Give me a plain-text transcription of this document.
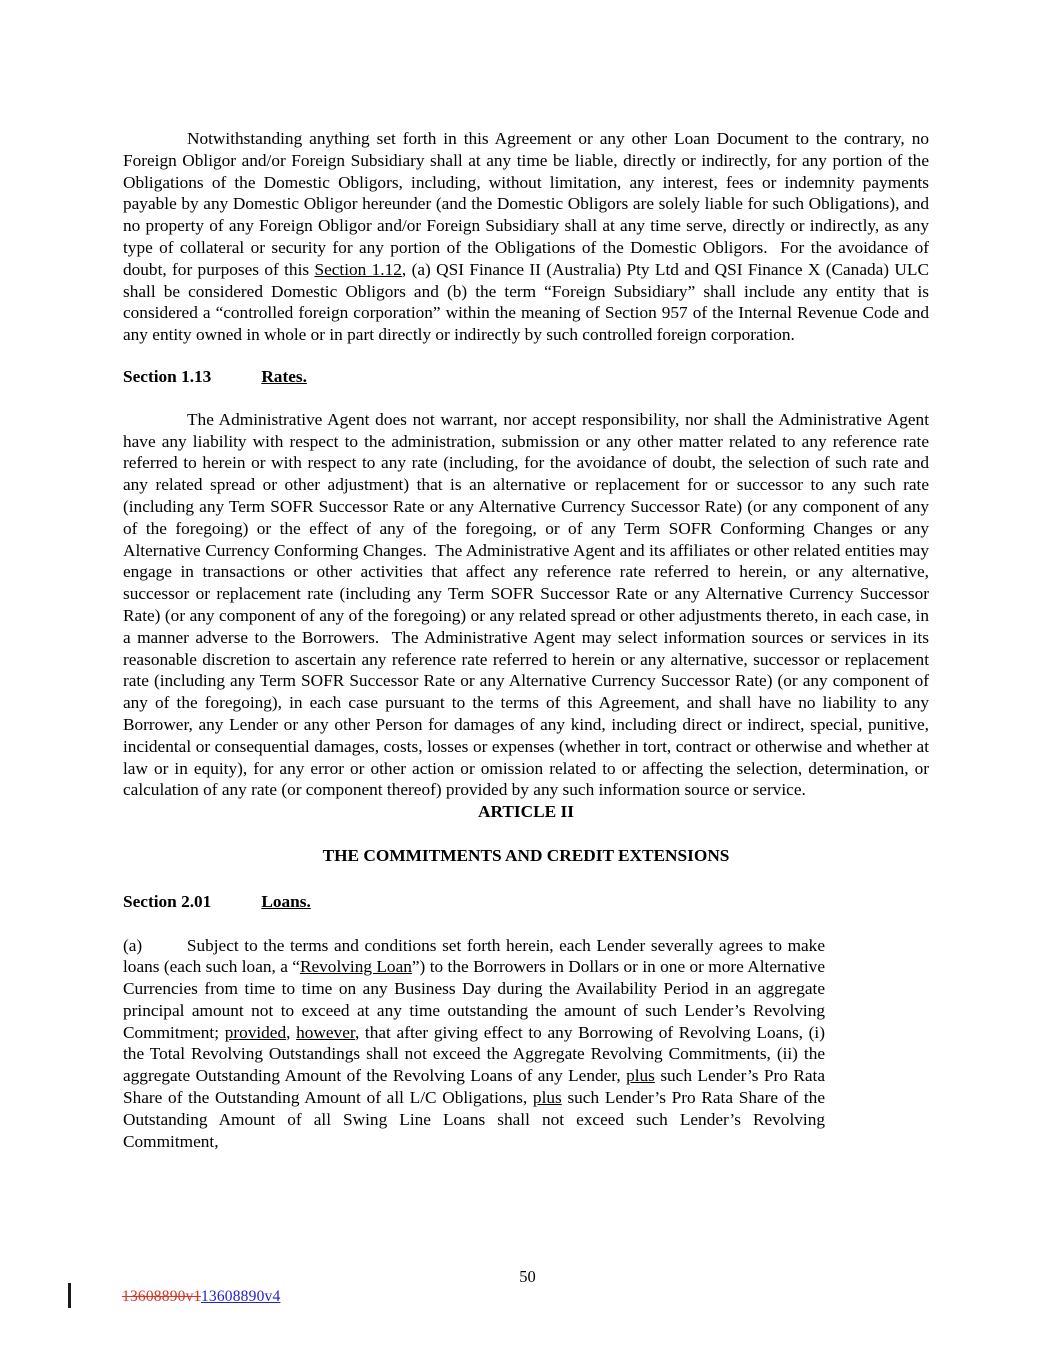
Notwithstanding anything set forth in this Agreement or any other Loan Document to the contrary, no Foreign Obligor and/or Foreign Subsidiary shall at any time be liable, directly or indirectly, for any portion of the Obligations of the Domestic Obligors, including, without limitation, any interest, fees or indemnity payments payable by any Domestic Obligor hereunder (and the Domestic Obligors are solely liable for such Obligations), and no property of any Foreign Obligor and/or Foreign Subsidiary shall at any time serve, directly or indirectly, as any type of collateral or security for any portion of the Obligations of the Domestic Obligors.  For the avoidance of doubt, for purposes of this Section 1.12, (a) QSI Finance II (Australia) Pty Ltd and QSI Finance X (Canada) ULC shall be considered Domestic Obligors and (b) the term “Foreign Subsidiary” shall include any entity that is considered a “controlled foreign corporation” within the meaning of Section 957 of the Internal Revenue Code and any entity owned in whole or in part directly or indirectly by such controlled foreign corporation.

Section 1.13	Rates.

The Administrative Agent does not warrant, nor accept responsibility, nor shall the Administrative Agent have any liability with respect to the administration, submission or any other matter related to any reference rate referred to herein or with respect to any rate (including, for the avoidance of doubt, the selection of such rate and any related spread or other adjustment) that is an alternative or replacement for or successor to any such rate (including any Term SOFR Successor Rate or any Alternative Currency Successor Rate) (or any component of any of the foregoing) or the effect of any of the foregoing, or of any Term SOFR Conforming Changes or any Alternative Currency Conforming Changes.  The Administrative Agent and its affiliates or other related entities may engage in transactions or other activities that affect any reference rate referred to herein, or any alternative, successor or replacement rate (including any Term SOFR Successor Rate or any Alternative Currency Successor Rate) (or any component of any of the foregoing) or any related spread or other adjustments thereto, in each case, in a manner adverse to the Borrowers.  The Administrative Agent may select information sources or services in its reasonable discretion to ascertain any reference rate referred to herein or any alternative, successor or replacement rate (including any Term SOFR Successor Rate or any Alternative Currency Successor Rate) (or any component of any of the foregoing), in each case pursuant to the terms of this Agreement, and shall have no liability to any Borrower, any Lender or any other Person for damages of any kind, including direct or indirect, special, punitive, incidental or consequential damages, costs, losses or expenses (whether in tort, contract or otherwise and whether at law or in equity), for any error or other action or omission related to or affecting the selection, determination, or calculation of any rate (or component thereof) provided by any such information source or service.

ARTICLE II

THE COMMITMENTS AND CREDIT EXTENSIONS

Section 2.01	Loans.

(a)        Subject to the terms and conditions set forth herein, each Lender severally agrees to make loans (each such loan, a “Revolving Loan”) to the Borrowers in Dollars or in one or more Alternative Currencies from time to time on any Business Day during the Availability Period in an aggregate principal amount not to exceed at any time outstanding the amount of such Lender’s Revolving Commitment; provided, however, that after giving effect to any Borrowing of Revolving Loans, (i) the Total Revolving Outstandings shall not exceed the Aggregate Revolving Commitments, (ii) the aggregate Outstanding Amount of the Revolving Loans of any Lender, plus such Lender’s Pro Rata Share of the Outstanding Amount of all L/C Obligations, plus such Lender’s Pro Rata Share of the Outstanding Amount of all Swing Line Loans shall not exceed such Lender’s Revolving Commitment,

50
13608890v113608890v4
